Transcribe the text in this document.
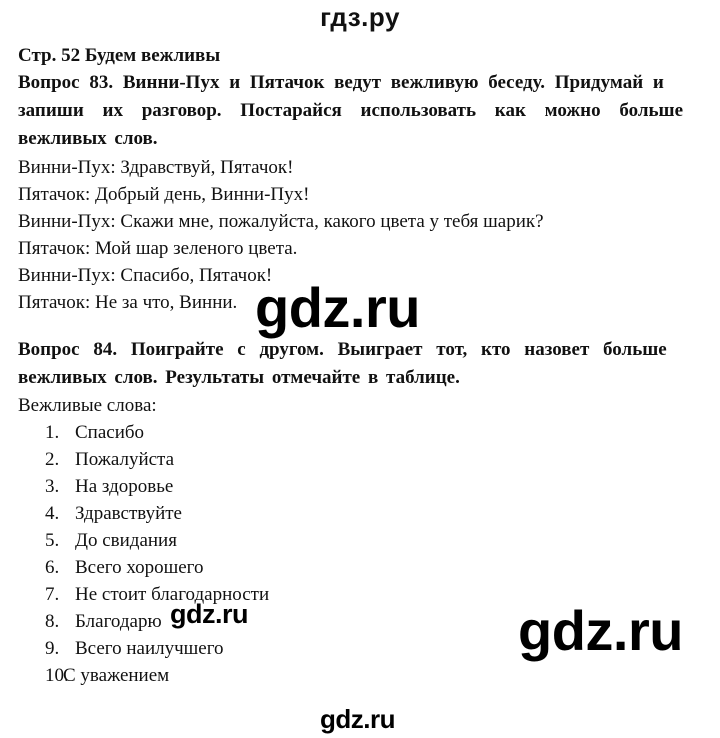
гдз.ру

Стр. 52 Будем вежливы

Вопрос 83. Винни-Пух и Пятачок ведут вежливую беседу. Придумай и

запиши их разговор. Постарайся использовать как можно больше

вежливых слов.

Винни-Пух: Здравствуй, Пятачок!

Пятачок: Добрый день, Винни-Пух!

Винни-Пух: Скажи мне, пожалуйста, какого цвета у тебя шарик?

Пятачок: Мой шар зеленого цвета.

Винни-Пух: Спасибо, Пятачок!

Пятачок: Не за что, Винни.

Вопрос 84. Поиграйте с другом. Выиграет тот, кто назовет больше

вежливых слов. Результаты отмечайте в таблице.

Вежливые слова:

1. Спасибо
2. Пожалуйста
3. На здоровье
4. Здравствуйте
5. До свидания
6. Всего хорошего
7. Не стоит благодарности
8. Благодарю
9. Всего наилучшего
10.С уважением
gdz.ru
gdz.ru	gdz.ru
gdz.ru
